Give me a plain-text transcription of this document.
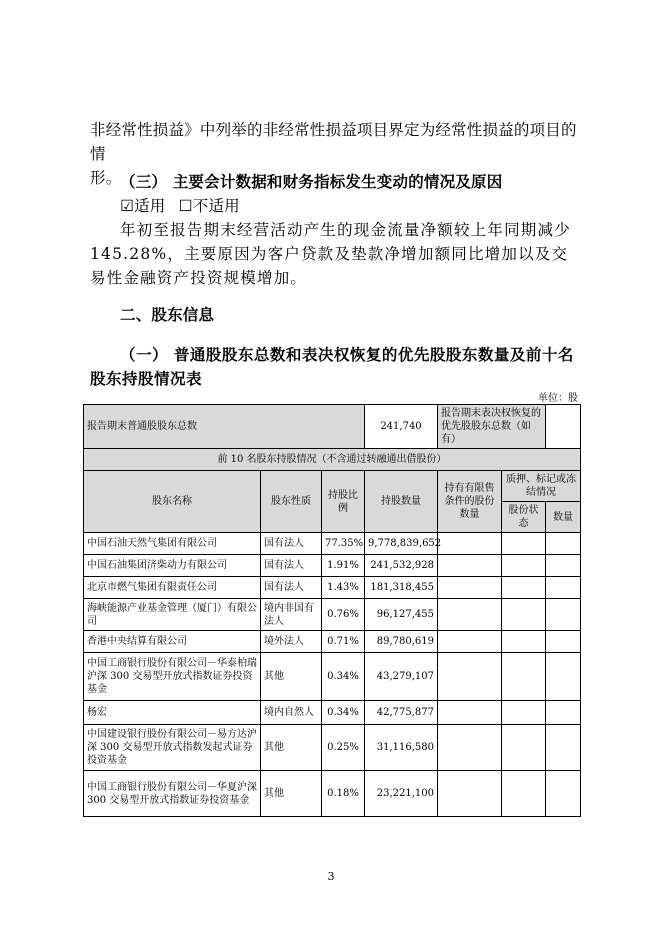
非经常性损益》中列举的非经常性损益项目界定为经常性损益的项目的情
形。
（三） 主要会计数据和财务指标发生变动的情况及原因
☑适用 ☐不适用
年初至报告期末经营活动产生的现金流量净额较上年同期减少145.28%，主要原因为客户贷款及垫款净增加额同比增加以及交易性金融资产投资规模增加。
二、股东信息
（一） 普通股股东总数和表决权恢复的优先股股东数量及前十名股东持股情况表
单位：股
报告期末普通股股东总数			241,740	报告期末表决权恢复的优先股股东总数（如有）		
前 10 名股东持股情况（不含通过转融通出借股份）						
股东名称	股东性质	持股比例	持股数量	持有有限售条件的股份数量	质押、标记或冻结情况	
					股份状态	数量
中国石油天然气集团有限公司	国有法人	77.35%	9,778,839,652			
中国石油集团济柴动力有限公司	国有法人	1.91%	241,532,928			
北京市燃气集团有限责任公司	国有法人	1.43%	181,318,455			
海峡能源产业基金管理（厦门）有限公司	境内非国有法人	0.76%	96,127,455			
香港中央结算有限公司	境外法人	0.71%	89,780,619			
中国工商银行股份有限公司－华泰柏瑞沪深 300 交易型开放式指数证券投资基金	其他	0.34%	43,279,107			
杨宏	境内自然人	0.34%	42,775,877			
中国建设银行股份有限公司－易方达沪深 300 交易型开放式指数发起式证券投资基金	其他	0.25%	31,116,580			
中国工商银行股份有限公司－华夏沪深 300 交易型开放式指数证券投资基金	其他	0.18%	23,221,100			
3
